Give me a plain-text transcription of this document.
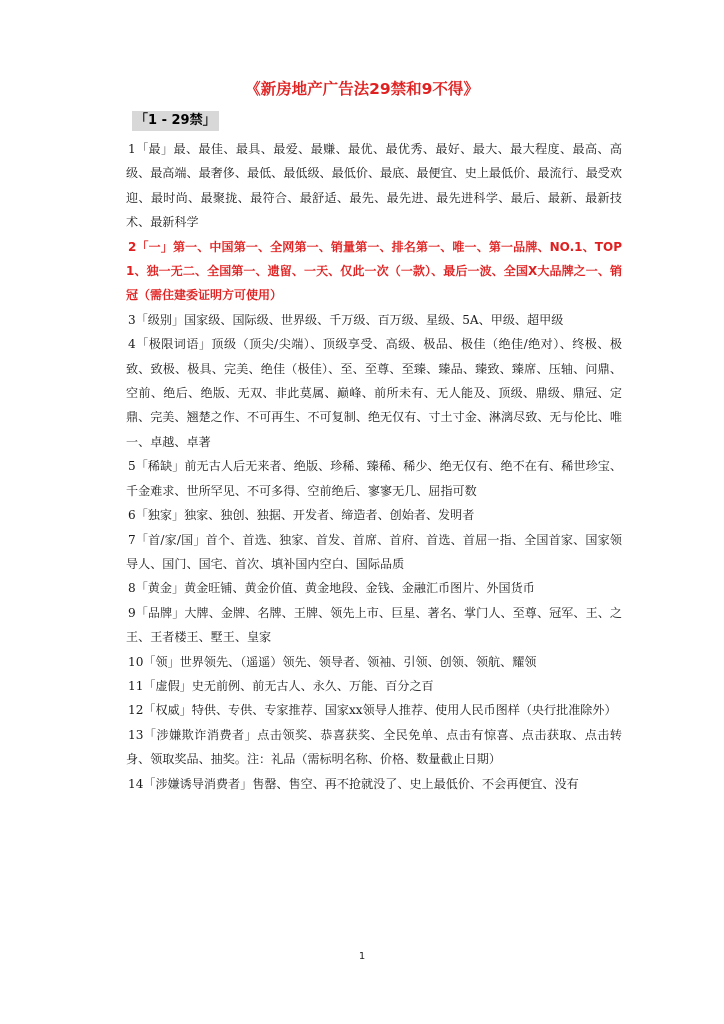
《新房地产广告法29禁和9不得》
「1 - 29禁」

1「最」最、最佳、最具、最爱、最赚、最优、最优秀、最好、最大、最大程度、最高、高级、最高端、最奢侈、最低、最低级、最低价、最底、最便宜、史上最低价、最流行、最受欢迎、最时尚、最聚拢、最符合、最舒适、最先、最先进、最先进科学、最后、最新、最新技术、最新科学

2「一」第一、中国第一、全网第一、销量第一、排名第一、唯一、第一品牌、NO.1、TOP1、独一无二、全国第一、遗留、一天、仅此一次（一款）、最后一波、全国X大品牌之一、销冠（需住建委证明方可使用）

3「级别」国家级、国际级、世界级、千万级、百万级、星级、5A、甲级、超甲级

4「极限词语」顶级（顶尖/尖端）、顶级享受、高级、极品、极佳（绝佳/绝对）、终极、极致、致极、极具、完美、绝佳（极佳）、至、至尊、至臻、臻品、臻致、臻席、压轴、问鼎、空前、绝后、绝版、无双、非此莫属、巅峰、前所未有、无人能及、顶级、鼎级、鼎冠、定鼎、完美、翘楚之作、不可再生、不可复制、绝无仅有、寸土寸金、淋漓尽致、无与伦比、唯一、卓越、卓著

5「稀缺」前无古人后无来者、绝版、珍稀、臻稀、稀少、绝无仅有、绝不在有、稀世珍宝、千金难求、世所罕见、不可多得、空前绝后、寥寥无几、屈指可数

6「独家」独家、独创、独据、开发者、缔造者、创始者、发明者

7「首/家/国」首个、首选、独家、首发、首席、首府、首选、首屈一指、全国首家、国家领导人、国门、国宅、首次、填补国内空白、国际品质

8「黄金」黄金旺铺、黄金价值、黄金地段、金钱、金融汇币图片、外国货币

9「品牌」大牌、金牌、名牌、王牌、领先上市、巨星、著名、掌门人、至尊、冠军、王、之王、王者楼王、墅王、皇家

10「领」世界领先、（遥遥）领先、领导者、领袖、引领、创领、领航、耀领

11「虚假」史无前例、前无古人、永久、万能、百分之百

12「权威」特供、专供、专家推荐、国家xx领导人推荐、使用人民币图样（央行批准除外）

13「涉嫌欺诈消费者」点击领奖、恭喜获奖、全民免单、点击有惊喜、点击获取、点击转身、领取奖品、抽奖。注：礼品（需标明名称、价格、数量截止日期）

14「涉嫌诱导消费者」售罄、售空、再不抢就没了、史上最低价、不会再便宜、没有

1
